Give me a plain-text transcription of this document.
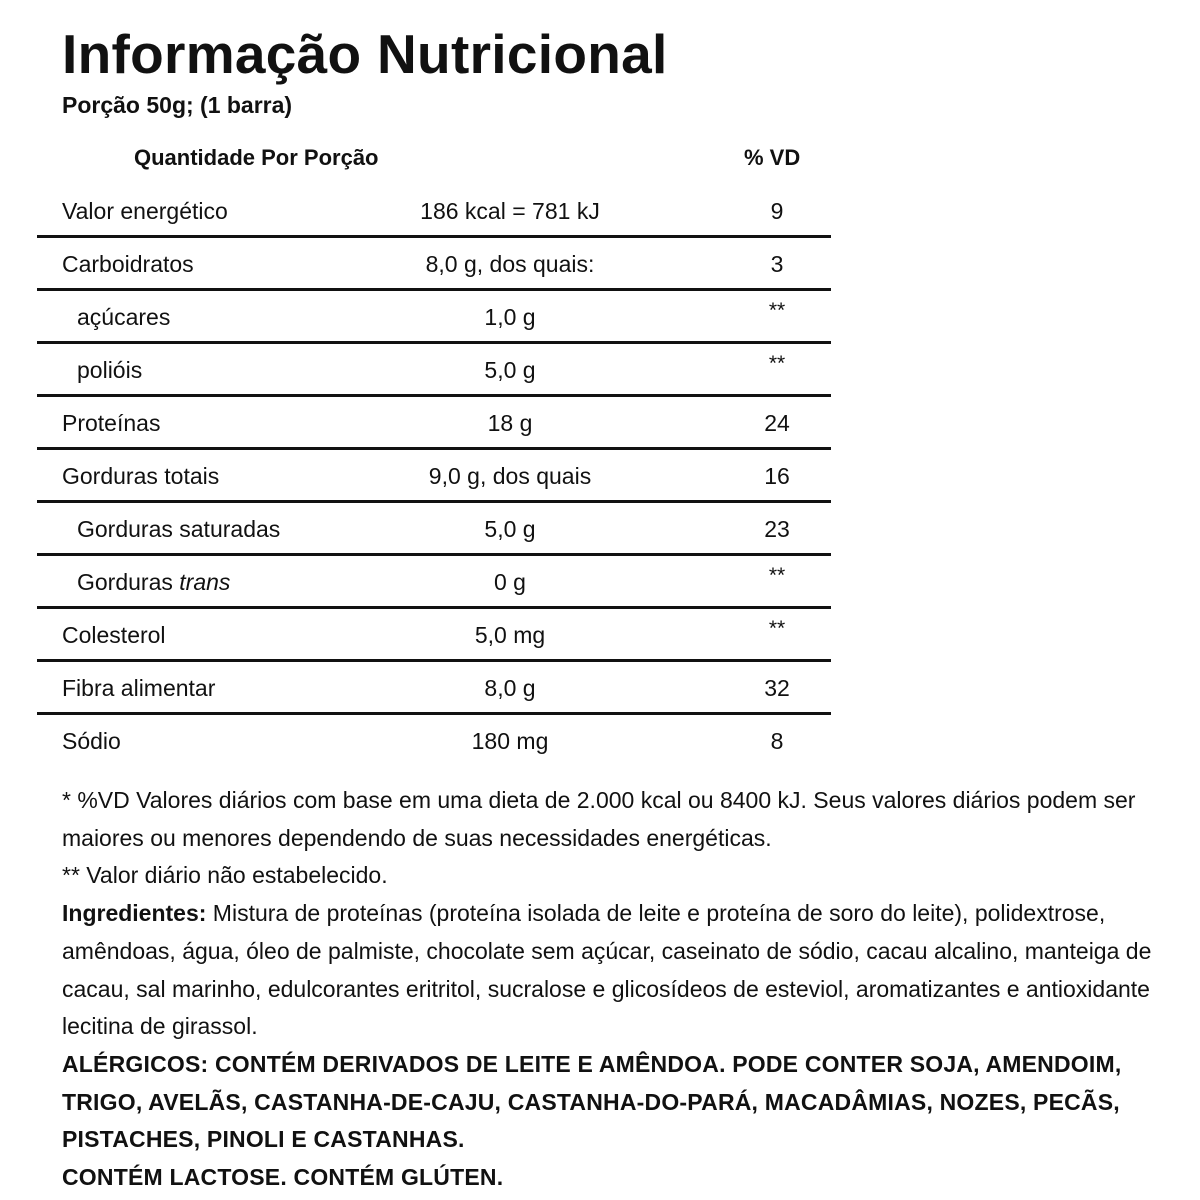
Informação Nutricional
Porção 50g; (1 barra)
Quantidade Por Porção	% VD
Valor energético	186 kcal = 781 kJ	9
Carboidratos	8,0 g, dos quais:	3
açúcares	1,0 g	**
polióis	5,0 g	**
Proteínas	18 g	24
Gorduras totais	9,0 g, dos quais	16
Gorduras saturadas	5,0 g	23
Gorduras trans	0 g	**
Colesterol	5,0 mg	**
Fibra alimentar	8,0 g	32
Sódio	180 mg	8

* %VD Valores diários com base em uma dieta de 2.000 kcal ou 8400 kJ. Seus valores diários podem ser maiores ou menores dependendo de suas necessidades energéticas.

** Valor diário não estabelecido.

Ingredientes: Mistura de proteínas (proteína isolada de leite e proteína de soro do leite), polidextrose, amêndoas, água, óleo de palmiste, chocolate sem açúcar, caseinato de sódio, cacau alcalino, manteiga de cacau, sal marinho, edulcorantes eritritol, sucralose e glicosídeos de esteviol, aromatizantes e antioxidante lecitina de girassol.

ALÉRGICOS: CONTÉM DERIVADOS DE LEITE E AMÊNDOA. PODE CONTER SOJA, AMENDOIM, TRIGO, AVELÃS, CASTANHA-DE-CAJU, CASTANHA-DO-PARÁ, MACADÂMIAS, NOZES, PECÃS, PISTACHES, PINOLI E CASTANHAS.

CONTÉM LACTOSE. CONTÉM GLÚTEN.
